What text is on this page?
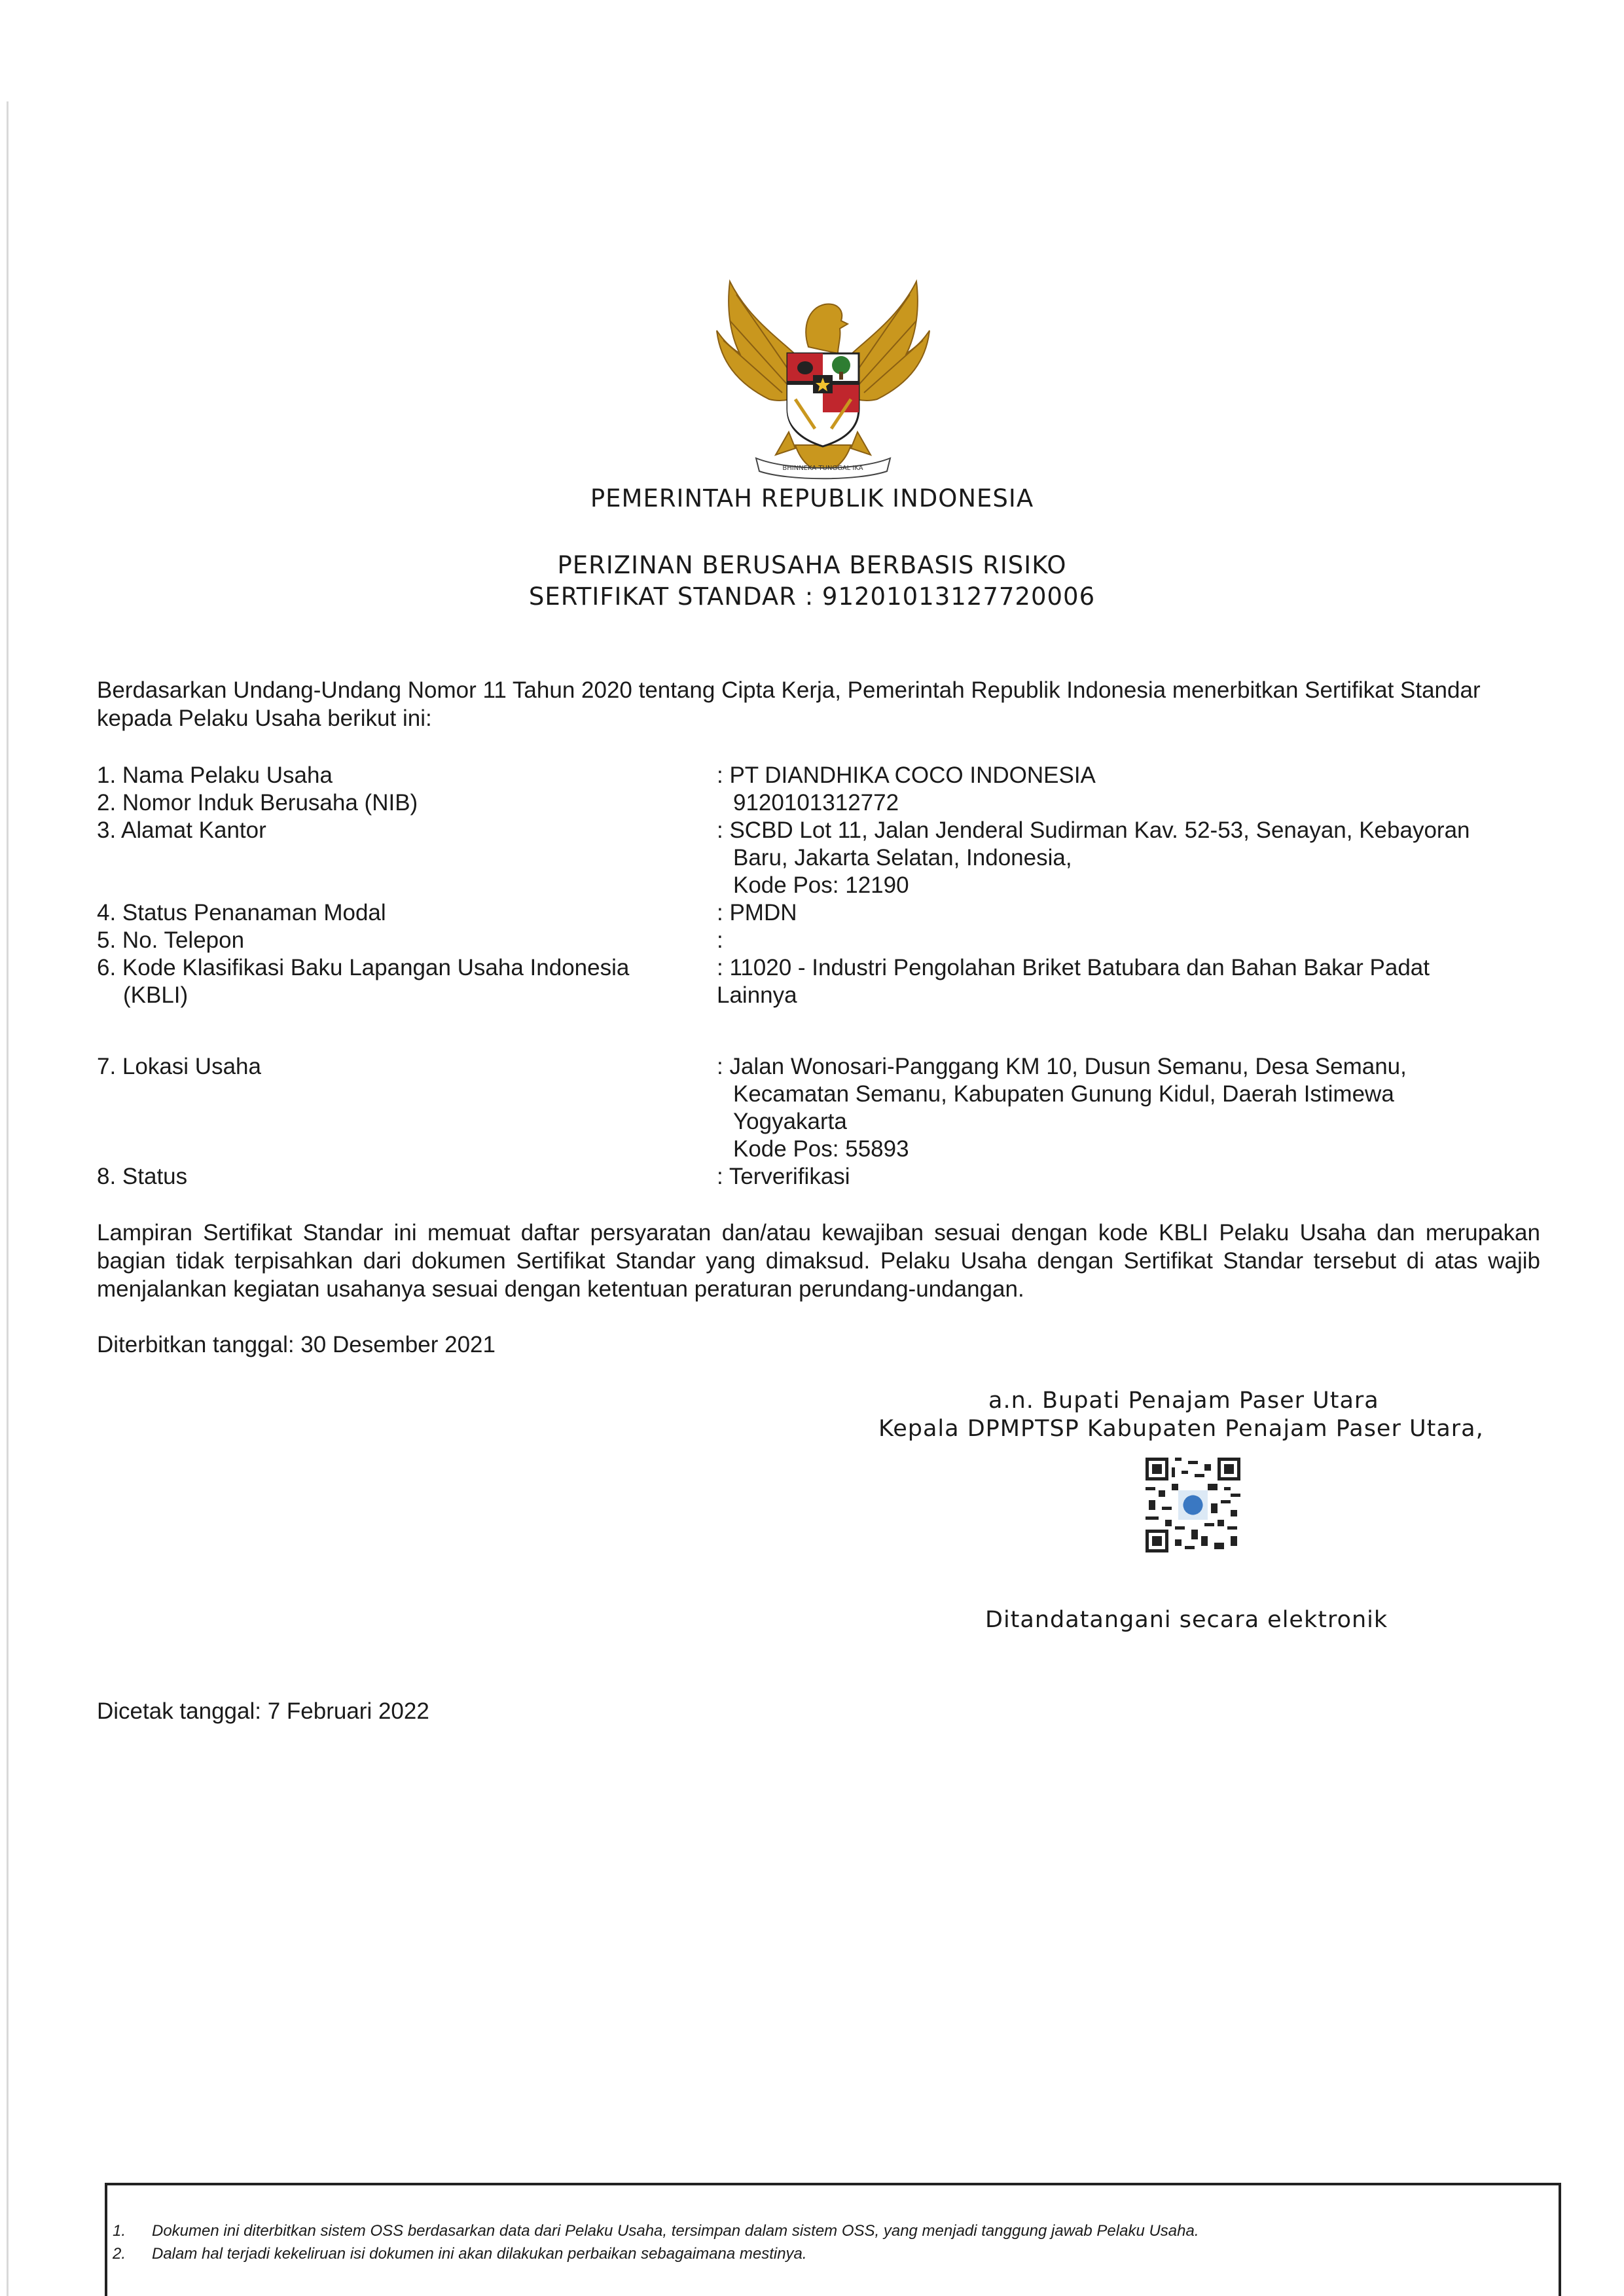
BHINNEKA TUNGGAL IKA
PEMERINTAH REPUBLIK INDONESIA
PERIZINAN BERUSAHA BERBASIS RISIKO
SERTIFIKAT STANDAR : 91201013127720006
Berdasarkan Undang-Undang Nomor 11 Tahun 2020 tentang Cipta Kerja, Pemerintah Republik Indonesia menerbitkan Sertifikat Standar kepada Pelaku Usaha berikut ini:
1. Nama Pelaku Usaha	: PT DIANDHIKA COCO INDONESIA
2. Nomor Induk Berusaha (NIB)	9120101312772
3. Alamat Kantor	: SCBD Lot 11, Jalan Jenderal Sudirman Kav. 52-53, Senayan, Kebayoran
Baru, Jakarta Selatan, Indonesia,
Kode Pos: 12190
4. Status Penanaman Modal	: PMDN
5. No. Telepon	:
6. Kode Klasifikasi Baku Lapangan Usaha Indonesia
(KBLI)
: 11020 - Industri Pengolahan Briket Batubara dan Bahan Bakar Padat
Lainnya
7. Lokasi Usaha	: Jalan Wonosari-Panggang KM 10, Dusun Semanu, Desa Semanu,
Kecamatan Semanu, Kabupaten Gunung Kidul, Daerah Istimewa
Yogyakarta
Kode Pos: 55893
8. Status	: Terverifikasi
Lampiran Sertifikat Standar ini memuat daftar persyaratan dan/atau kewajiban sesuai dengan kode KBLI Pelaku Usaha dan merupakan bagian tidak terpisahkan dari dokumen Sertifikat Standar yang dimaksud. Pelaku Usaha dengan Sertifikat Standar tersebut di atas wajib menjalankan kegiatan usahanya sesuai dengan ketentuan peraturan perundang-undangan.
Diterbitkan tanggal: 30 Desember 2021
a.n. Bupati Penajam Paser Utara
Kepala DPMPTSP Kabupaten Penajam Paser Utara,
Ditandatangani secara elektronik
Dicetak tanggal: 7 Februari 2022
1. Dokumen ini diterbitkan sistem OSS berdasarkan data dari Pelaku Usaha, tersimpan dalam sistem OSS, yang menjadi tanggung jawab Pelaku Usaha.
2. Dalam hal terjadi kekeliruan isi dokumen ini akan dilakukan perbaikan sebagaimana mestinya.
